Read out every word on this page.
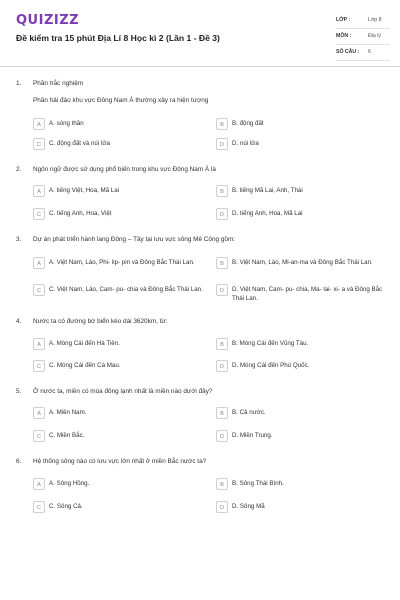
QUIZIZZ
Đề kiểm tra 15 phút Địa Lí 8 Học kì 2 (Lần 1 - Đề 3)
LỚP :	Lớp 8
MÔN :	Địa lý
SỐ CÂU : 6
1. Phần trắc nghiệm
Phần hải đảo khu vực Đông Nam Á thường xảy ra hiện tượng
A	A. sóng thần	B	B. động đất
C	C. động đất và núi lửa	D	D. núi lửa
2. Ngôn ngữ được sử dụng phổ biến trong khu vực Đông Nam Á là
A	A. tiếng Việt, Hoa, Mã Lai	B	B. tiếng Mã Lai, Anh, Thái
C	C. tiếng Anh, Hoa, Việt	D	D. tiếng Anh, Hoa, Mã Lai
3. Dự án phát triển hành lang Đông – Tây tại lưu vực sông Mê Công gồm:
A	A. Việt Nam, Lào, Phi- lip- pin và Đông Bắc Thái Lan.	B	B. Việt Nam, Lào, Mi-an-ma và Đông Bắc Thái Lan.
C	C. Việt Nam, Lào, Cam- pu- chia và Đông Bắc Thái Lan.	D	D. Việt Nam, Cam- pu- chia, Ma- lai- xi- a và Đông Bắc Thái Lan.
4. Nước ta có đường bờ biển kéo dài 3620km, từ:
A	A. Móng Cái đến Hà Tiên.	B	B. Móng Cái đến Vũng Tàu.
C	C. Móng Cái đến Cà Mau.	D	D. Móng Cái đến Phú Quốc.
5. Ở nước ta, miền có mùa đông lạnh nhất là miền nào dưới đây?
A	A. Miền Nam.	B	B. Cả nước.
C	C. Miền Bắc.	D	D. Miền Trung.
6. Hệ thống sông nào có lưu vực lớn nhất ở miền Bắc nước ta?
A	A. Sông Hồng.	B	B. Sông Thái Bình.
C	C. Sông Cả.	D	D. Sông Mã
